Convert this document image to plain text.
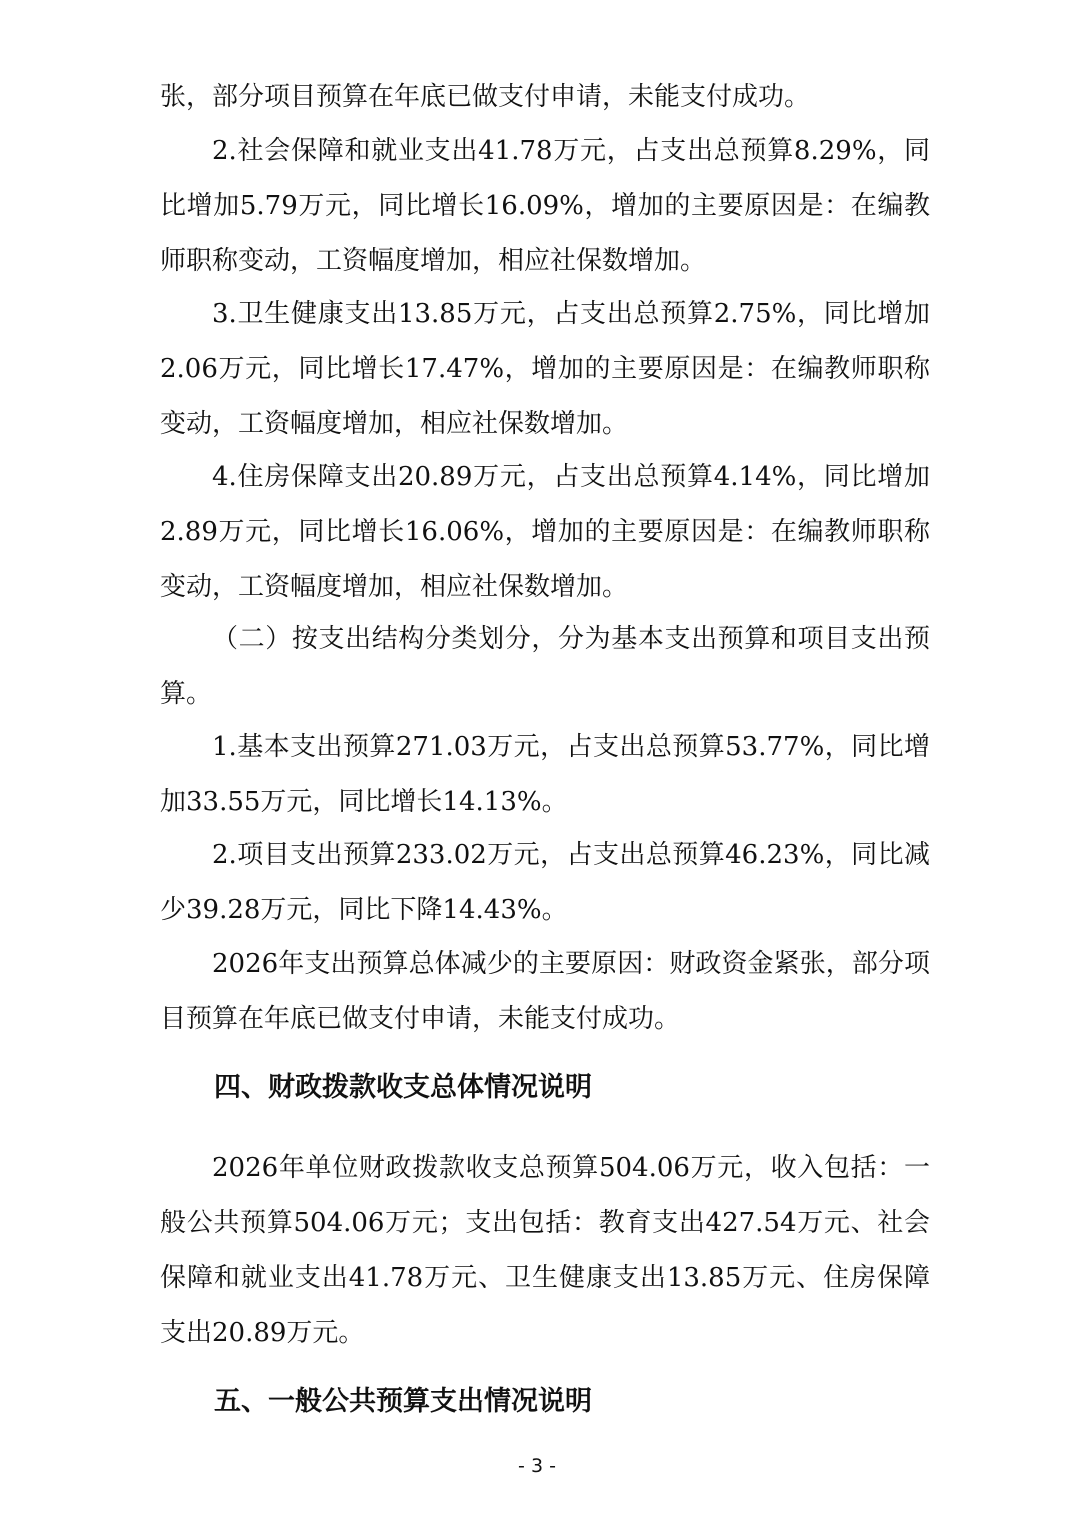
张，部分项目预算在年底已做支付申请，未能支付成功。

2.社会保障和就业支出41.78万元，占支出总预算8.29%，同比增加5.79万元，同比增长16.09%，增加的主要原因是：在编教师职称变动，工资幅度增加，相应社保数增加。

3.卫生健康支出13.85万元，占支出总预算2.75%，同比增加2.06万元，同比增长17.47%，增加的主要原因是：在编教师职称变动，工资幅度增加，相应社保数增加。

4.住房保障支出20.89万元，占支出总预算4.14%，同比增加2.89万元，同比增长16.06%，增加的主要原因是：在编教师职称变动，工资幅度增加，相应社保数增加。

（二）按支出结构分类划分，分为基本支出预算和项目支出预算。

1.基本支出预算271.03万元，占支出总预算53.77%，同比增加33.55万元，同比增长14.13%。

2.项目支出预算233.02万元，占支出总预算46.23%，同比减少39.28万元，同比下降14.43%。

2026年支出预算总体减少的主要原因：财政资金紧张，部分项目预算在年底已做支付申请，未能支付成功。

四、财政拨款收支总体情况说明

2026年单位财政拨款收支总预算504.06万元，收入包括：一般公共预算504.06万元；支出包括：教育支出427.54万元、社会保障和就业支出41.78万元、卫生健康支出13.85万元、住房保障支出20.89万元。

五、一般公共预算支出情况说明
- 3 -
